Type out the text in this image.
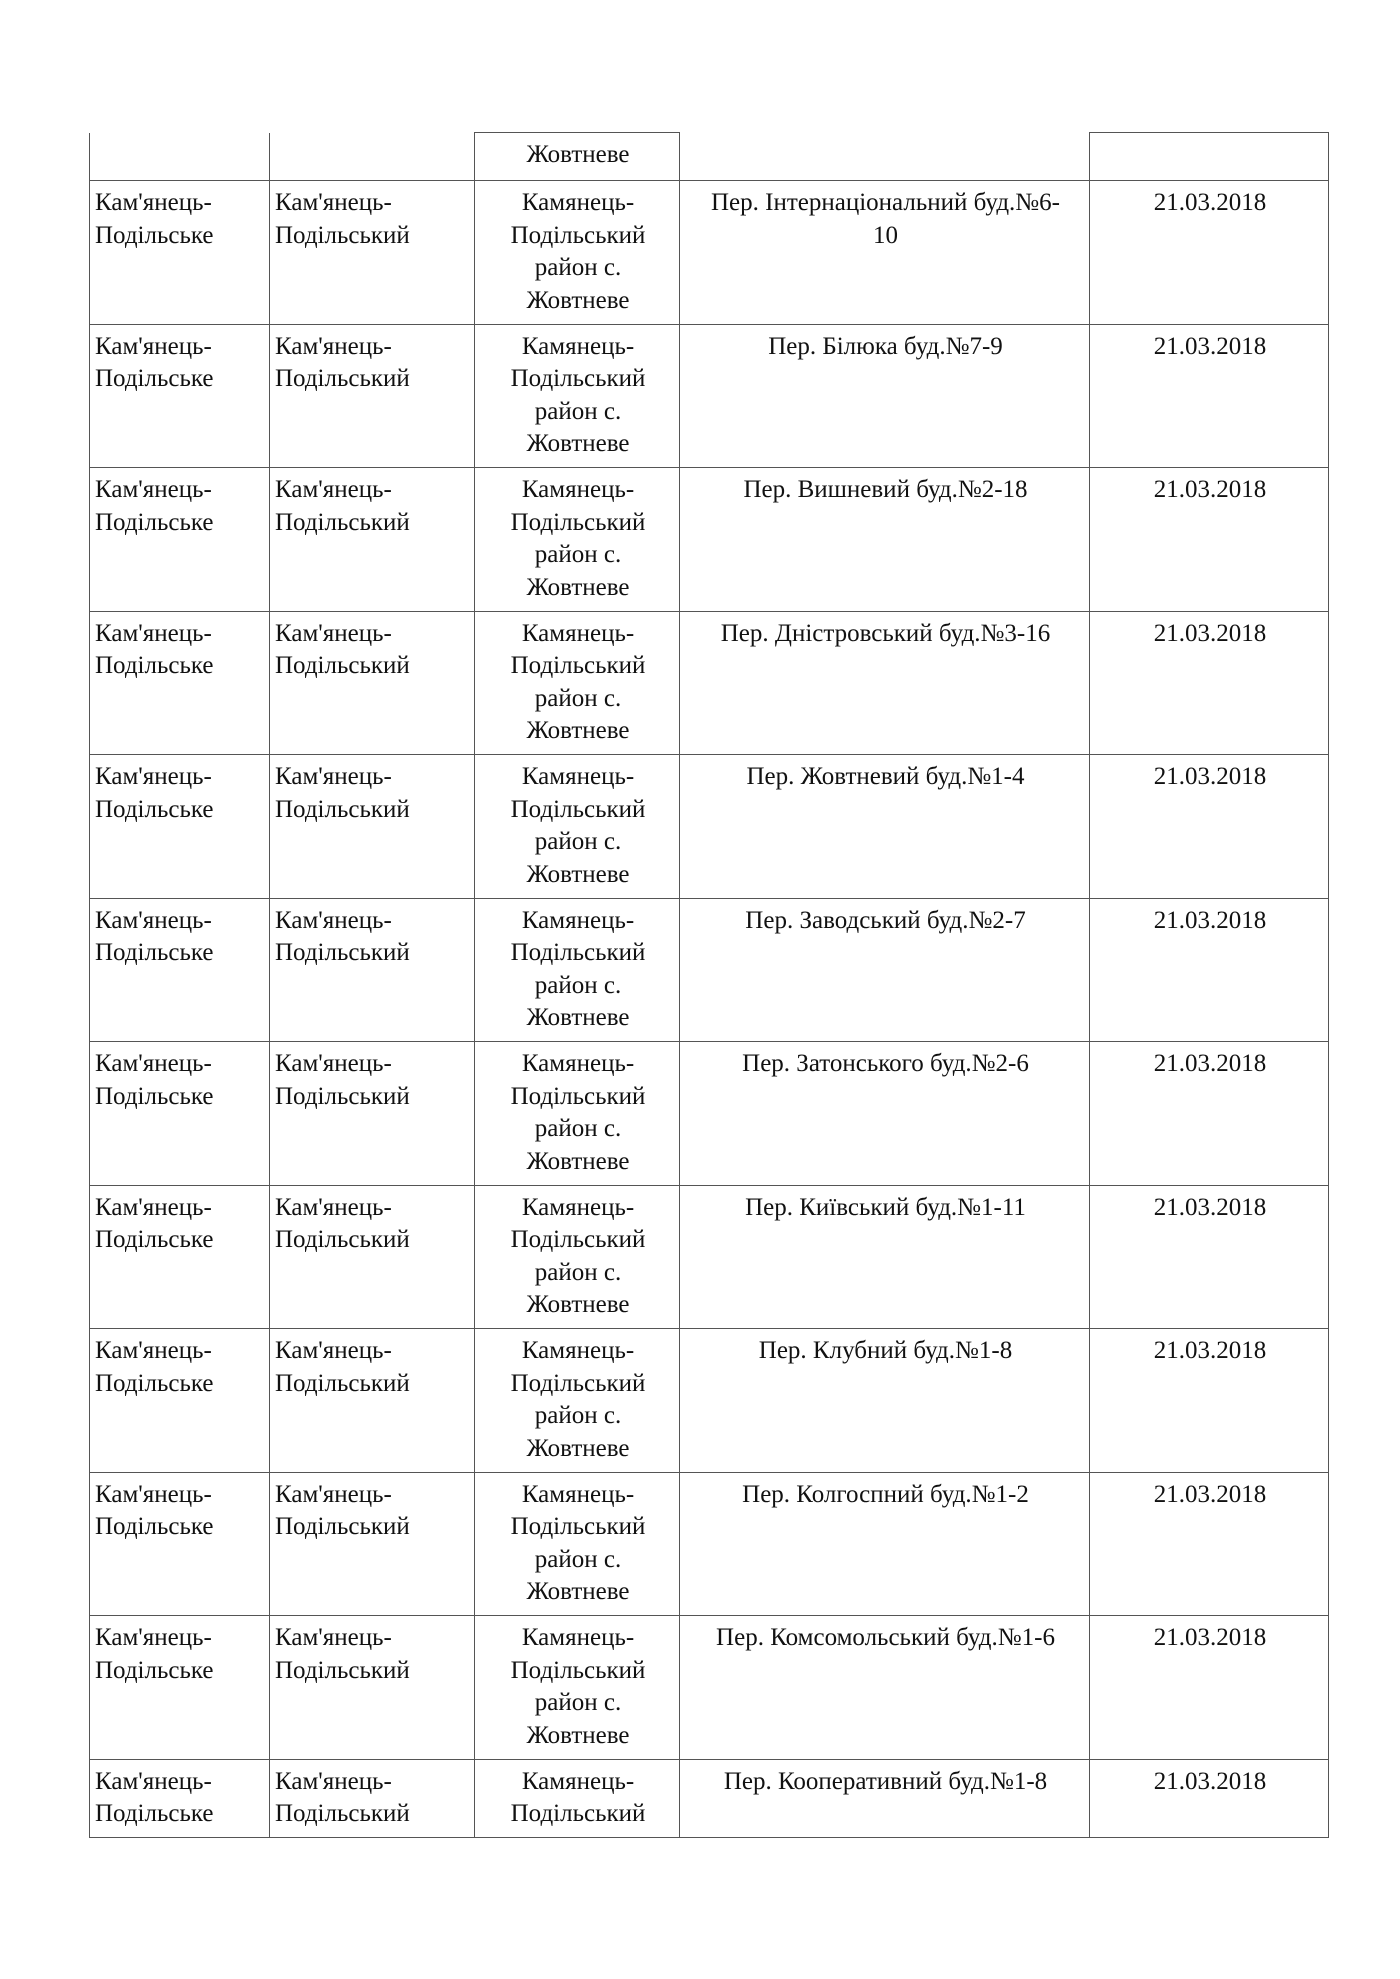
		Жовтневе		

Кам'янець-
Подільське	Кам'янець-
Подільський	Камянець-
Подільський
район с.
Жовтневе	Пер. Інтернаціональний буд.№6-
10	21.03.2018

Кам'янець-
Подільське	Кам'янець-
Подільський	Камянець-
Подільський
район с.
Жовтневе	Пер. Білюка буд.№7-9	21.03.2018

Кам'янець-
Подільське	Кам'янець-
Подільський	Камянець-
Подільський
район с.
Жовтневе	Пер. Вишневий буд.№2-18	21.03.2018

Кам'янець-
Подільське	Кам'янець-
Подільський	Камянець-
Подільський
район с.
Жовтневе	Пер. Дністровський буд.№3-16	21.03.2018

Кам'янець-
Подільське	Кам'янець-
Подільський	Камянець-
Подільський
район с.
Жовтневе	Пер. Жовтневий буд.№1-4	21.03.2018

Кам'янець-
Подільське	Кам'янець-
Подільський	Камянець-
Подільський
район с.
Жовтневе	Пер. Заводський буд.№2-7	21.03.2018

Кам'янець-
Подільське	Кам'янець-
Подільський	Камянець-
Подільський
район с.
Жовтневе	Пер. Затонського буд.№2-6	21.03.2018

Кам'янець-
Подільське	Кам'янець-
Подільський	Камянець-
Подільський
район с.
Жовтневе	Пер. Київський буд.№1-11	21.03.2018

Кам'янець-
Подільське	Кам'янець-
Подільський	Камянець-
Подільський
район с.
Жовтневе	Пер. Клубний буд.№1-8	21.03.2018

Кам'янець-
Подільське	Кам'янець-
Подільський	Камянець-
Подільський
район с.
Жовтневе	Пер. Колгоспний буд.№1-2	21.03.2018

Кам'янець-
Подільське	Кам'янець-
Подільський	Камянець-
Подільський
район с.
Жовтневе	Пер. Комсомольський буд.№1-6	21.03.2018

Кам'янець-
Подільське	Кам'янець-
Подільський	Камянець-
Подільський	Пер. Кооперативний буд.№1-8	21.03.2018
